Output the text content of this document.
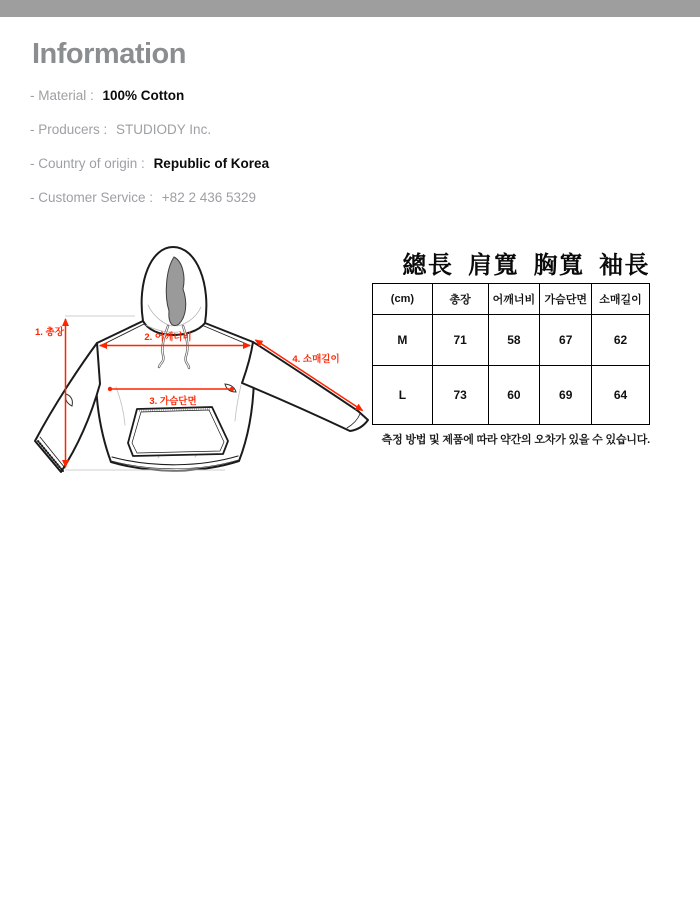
Information
- Material : 100% Cotton
- Producers : STUDIODY Inc.
- Country of origin : Republic of Korea
- Customer Service : +82 2 436 5329
1. 총장	2. 어깨너비
3. 가슴단면
4. 소매길이
總長 肩寬 胸寬 袖長
(cm)	총장	어깨너비	가슴단면	소매길이
M	71	58	67	62
L	73	60	69	64
측정 방법 및 제품에 따라 약간의 오차가 있을 수 있습니다.
